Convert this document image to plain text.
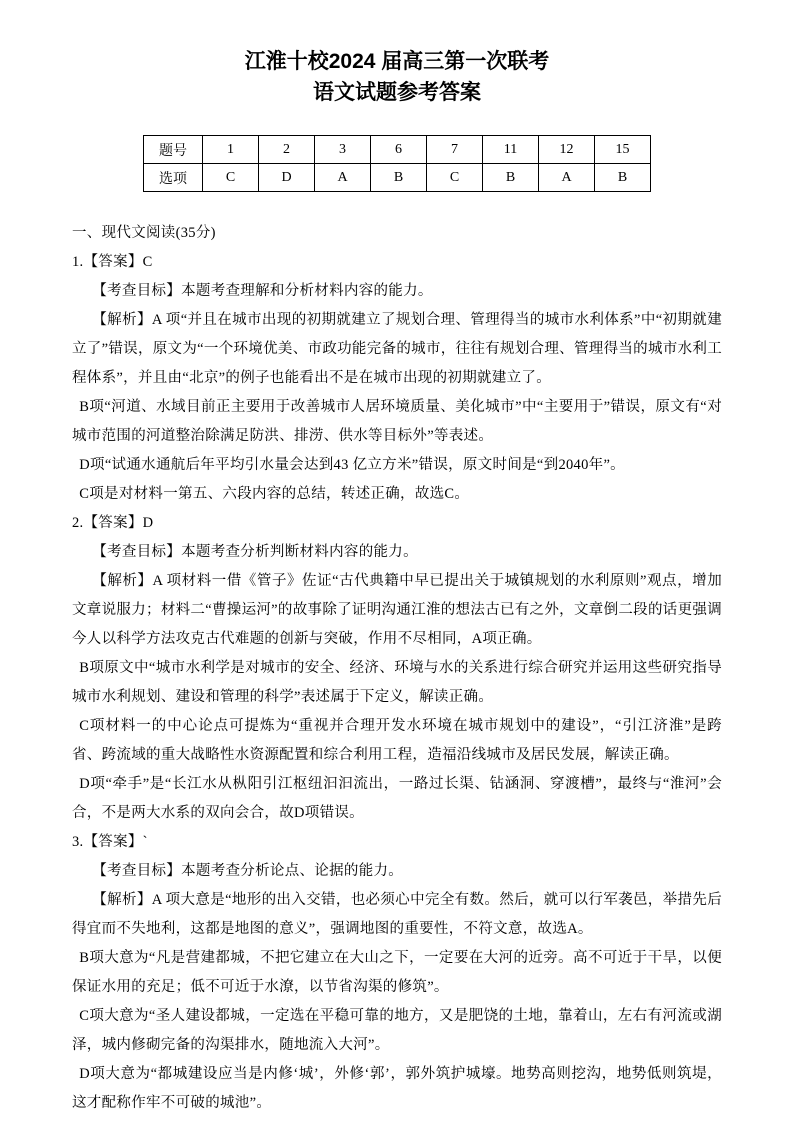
江淮十校2024 届高三第一次联考
语文试题参考答案
题号	1	2	3	6	7	11	12	15
选项	C	D	A	B	C	B	A	B

一、现代文阅读(35分)

1.【答案】C

【考查目标】本题考查理解和分析材料内容的能力。

【解析】A 项“并且在城市出现的初期就建立了规划合理、管理得当的城市水利体系”中“初期就建立了”错误，原文为“一个环境优美、市政功能完备的城市，往往有规划合理、管理得当的城市水利工程体系”，并且由“北京”的例子也能看出不是在城市出现的初期就建立了。

B项“河道、水域目前正主要用于改善城市人居环境质量、美化城市”中“主要用于”错误，原文有“对城市范围的河道整治除满足防洪、排涝、供水等目标外”等表述。

D项“试通水通航后年平均引水量会达到43 亿立方米”错误，原文时间是“到2040年”。

C项是对材料一第五、六段内容的总结，转述正确，故选C。

2.【答案】D

【考查目标】本题考查分析判断材料内容的能力。

【解析】A 项材料一借《管子》佐证“古代典籍中早已提出关于城镇规划的水利原则”观点，增加文章说服力；材料二“曹操运河”的故事除了证明沟通江淮的想法古已有之外，文章倒二段的话更强调今人以科学方法攻克古代难题的创新与突破，作用不尽相同，A项正确。

B项原文中“城市水利学是对城市的安全、经济、环境与水的关系进行综合研究并运用这些研究指导城市水利规划、建设和管理的科学”表述属于下定义，解读正确。

C项材料一的中心论点可提炼为“重视并合理开发水环境在城市规划中的建设”，“引江济淮”是跨省、跨流域的重大战略性水资源配置和综合利用工程，造福沿线城市及居民发展，解读正确。

D项“牵手”是“长江水从枞阳引江枢纽汩汩流出，一路过长渠、钻涵洞、穿渡槽”，最终与“淮河”会合，不是两大水系的双向会合，故D项错误。

3.【答案】`

【考查目标】本题考查分析论点、论据的能力。

【解析】A 项大意是“地形的出入交错，也必须心中完全有数。然后，就可以行军袭邑，举措先后得宜而不失地利，这都是地图的意义”，强调地图的重要性，不符文意，故选A。

B项大意为“凡是营建都城，不把它建立在大山之下，一定要在大河的近旁。高不可近于干旱，以便保证水用的充足；低不可近于水潦，以节省沟渠的修筑”。

C项大意为“圣人建设都城，一定选在平稳可靠的地方，又是肥饶的土地，靠着山，左右有河流或湖泽，城内修砌完备的沟渠排水，随地流入大河”。

D项大意为“都城建设应当是内修‘城’，外修‘郭’，郭外筑护城壕。地势高则挖沟，地势低则筑堤，这才配称作牢不可破的城池”。
